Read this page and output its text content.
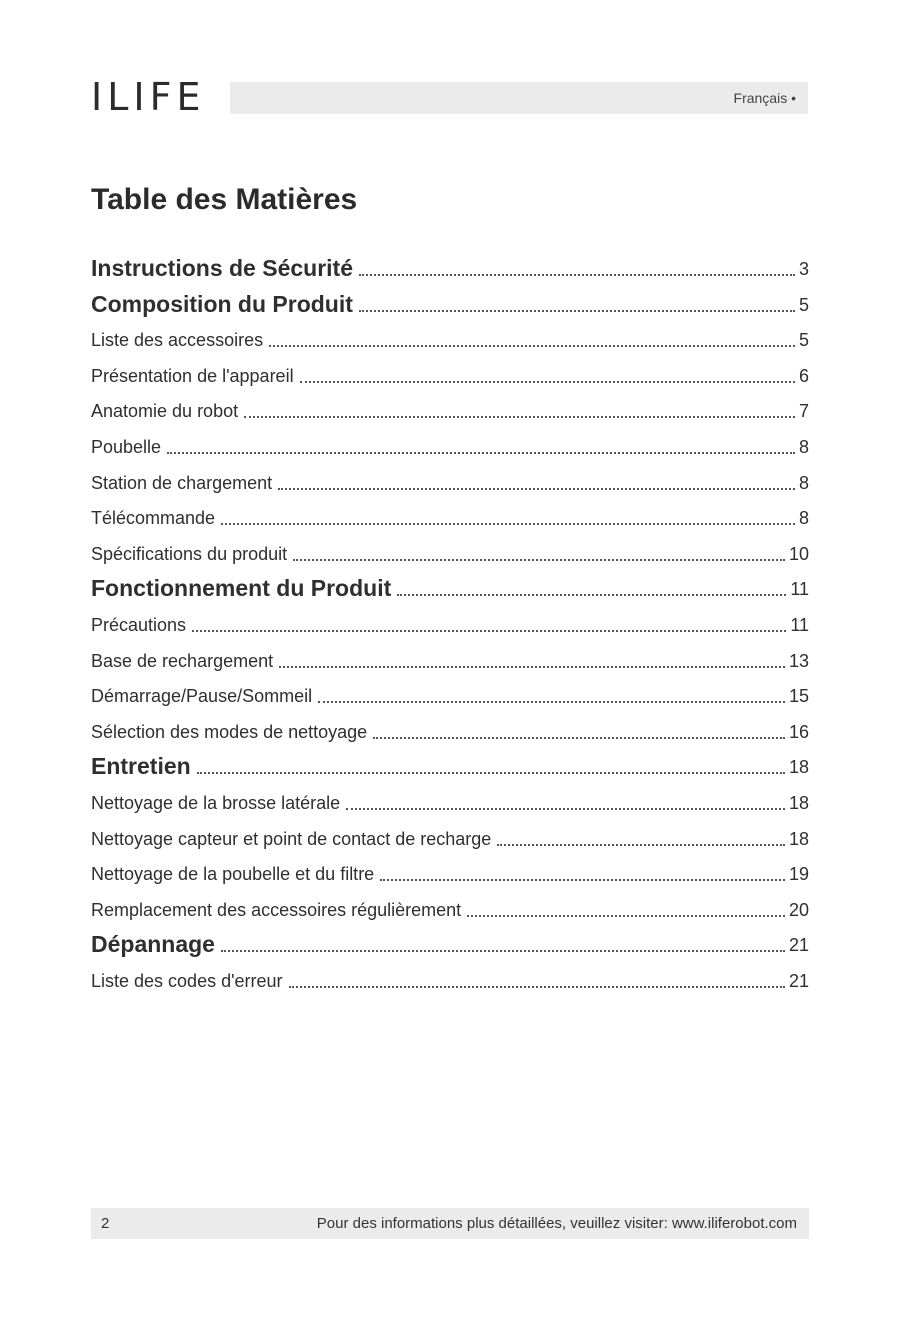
ILIFE	Français •
Table des Matières
Instructions de Sécurité	3
Composition du Produit	5
Liste des accessoires	5
Présentation de l'appareil	6
Anatomie du robot	7
Poubelle	8
Station de chargement	8
Télécommande	8
Spécifications du produit	10
Fonctionnement du Produit	11
Précautions	11
Base de rechargement	13
Démarrage/Pause/Sommeil	15
Sélection des modes de nettoyage	16
Entretien	18
Nettoyage de la brosse latérale	18
Nettoyage capteur et point de contact de recharge	18
Nettoyage de la poubelle et du filtre	19
Remplacement des accessoires régulièrement	20
Dépannage	21
Liste des codes d'erreur	21
2	Pour des informations plus détaillées, veuillez visiter: www.iliferobot.com
